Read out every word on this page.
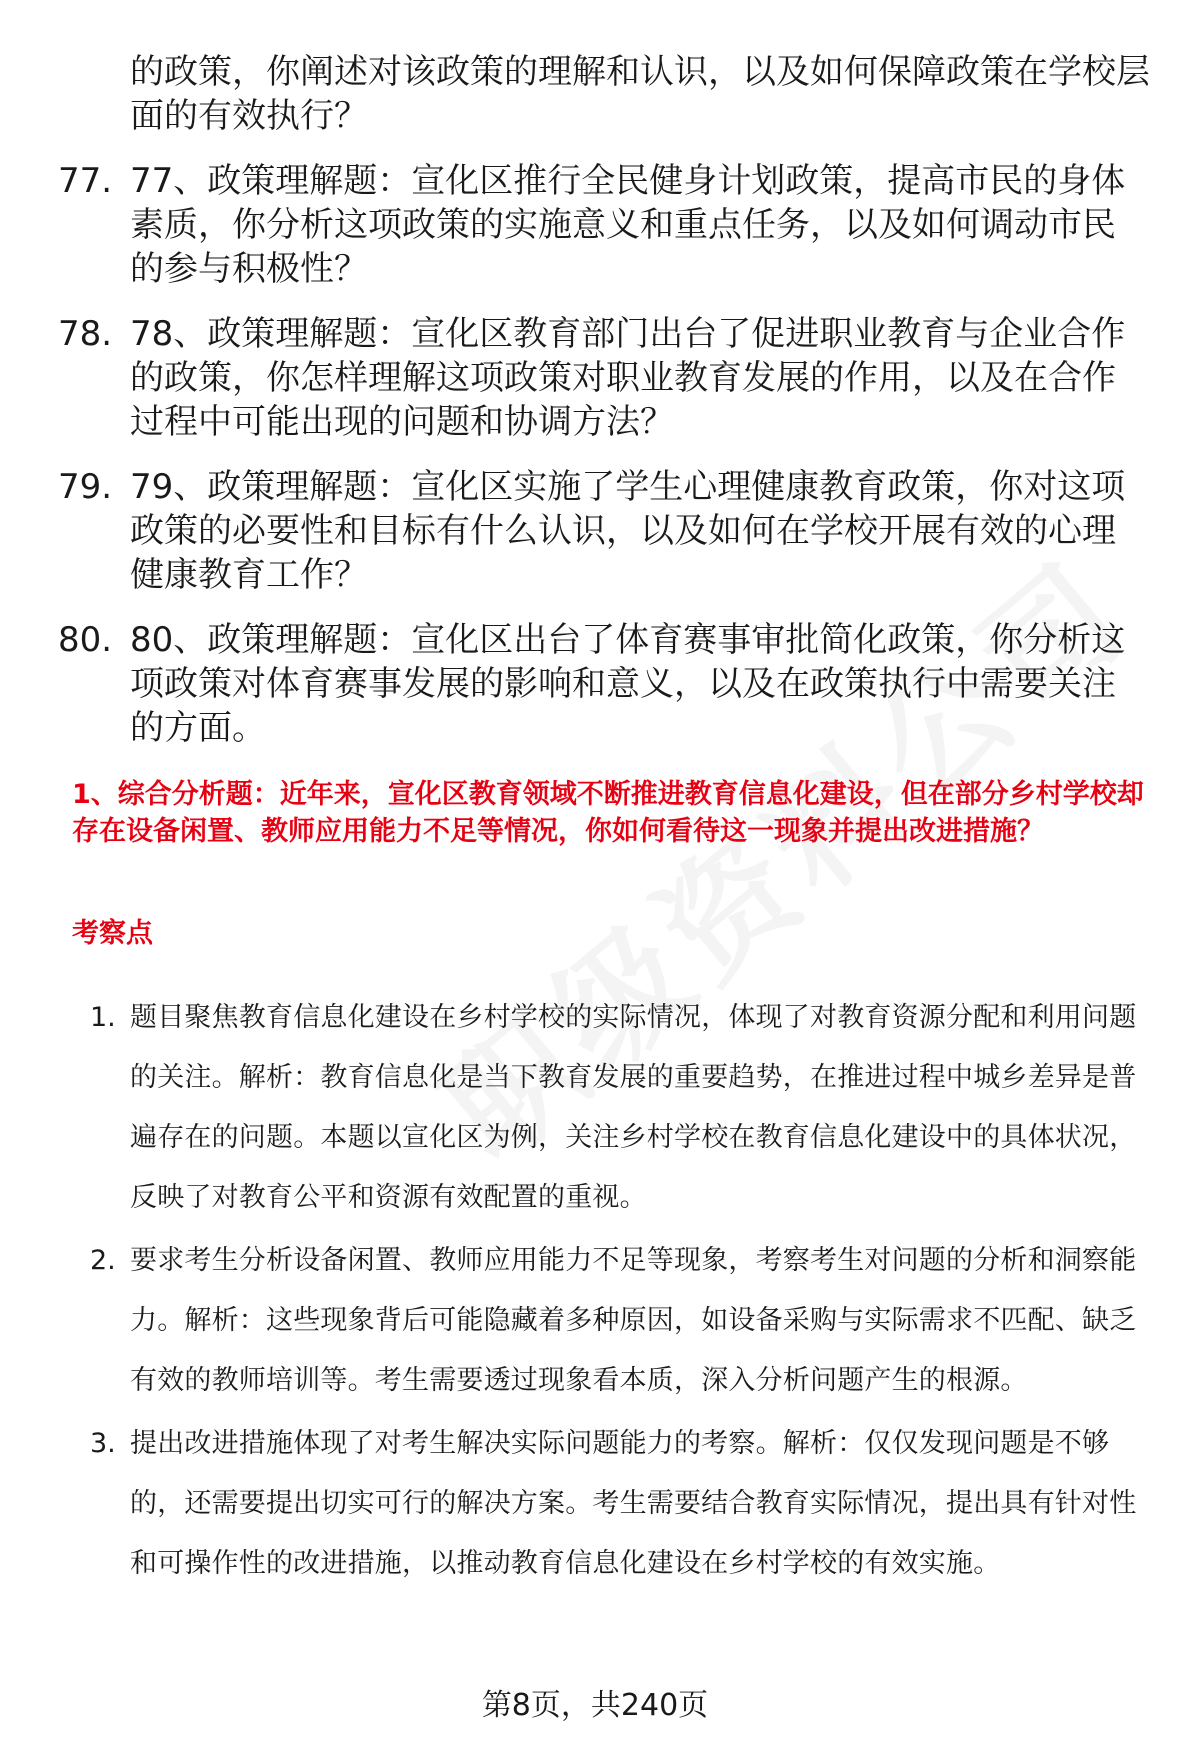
的政策，你阐述对该政策的理解和认识，以及如何保障政策在学校层面的有效执行？
77. 77、政策理解题：宣化区推行全民健身计划政策，提高市民的身体素质，你分析这项政策的实施意义和重点任务，以及如何调动市民的参与积极性？
78. 78、政策理解题：宣化区教育部门出台了促进职业教育与企业合作的政策，你怎样理解这项政策对职业教育发展的作用，以及在合作过程中可能出现的问题和协调方法？
79. 79、政策理解题：宣化区实施了学生心理健康教育政策，你对这项政策的必要性和目标有什么认识，以及如何在学校开展有效的心理健康教育工作？
80. 80、政策理解题：宣化区出台了体育赛事审批简化政策，你分析这项政策对体育赛事发展的影响和意义，以及在政策执行中需要关注的方面。
1、综合分析题：近年来，宣化区教育领域不断推进教育信息化建设，但在部分乡村学校却存在设备闲置、教师应用能力不足等情况，你如何看待这一现象并提出改进措施？
考察点
1. 题目聚焦教育信息化建设在乡村学校的实际情况，体现了对教育资源分配和利用问题的关注。解析：教育信息化是当下教育发展的重要趋势，在推进过程中城乡差异是普遍存在的问题。本题以宣化区为例，关注乡村学校在教育信息化建设中的具体状况，反映了对教育公平和资源有效配置的重视。
2. 要求考生分析设备闲置、教师应用能力不足等现象，考察考生对问题的分析和洞察能力。解析：这些现象背后可能隐藏着多种原因，如设备采购与实际需求不匹配、缺乏有效的教师培训等。考生需要透过现象看本质，深入分析问题产生的根源。
3. 提出改进措施体现了对考生解决实际问题能力的考察。解析：仅仅发现问题是不够的，还需要提出切实可行的解决方案。考生需要结合教育实际情况，提出具有针对性和可操作性的改进措施，以推动教育信息化建设在乡村学校的有效实施。
第8页，共240页
